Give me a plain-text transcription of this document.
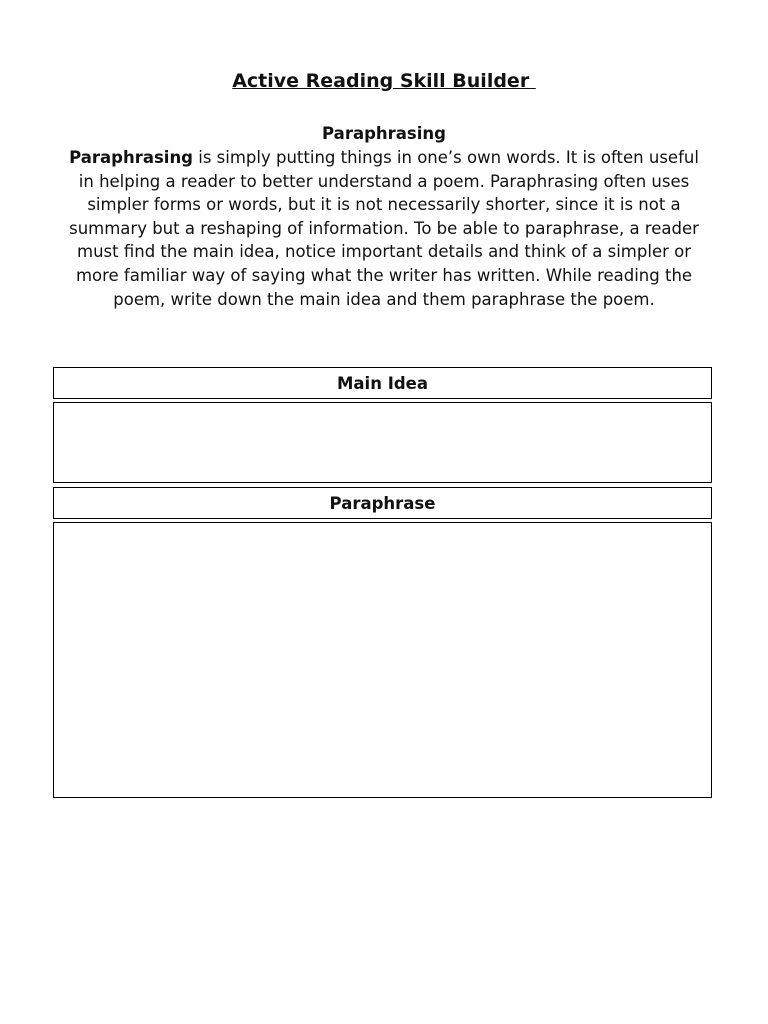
Active Reading Skill Builder
Paraphrasing

Paraphrasing is simply putting things in one’s own words. It is often useful in helping a reader to better understand a poem. Paraphrasing often uses simpler forms or words, but it is not necessarily shorter, since it is not a summary but a reshaping of information. To be able to paraphrase, a reader must find the main idea, notice important details and think of a simpler or more familiar way of saying what the writer has written. While reading the poem, write down the main idea and them paraphrase the poem.

Main Idea
Paraphrase
